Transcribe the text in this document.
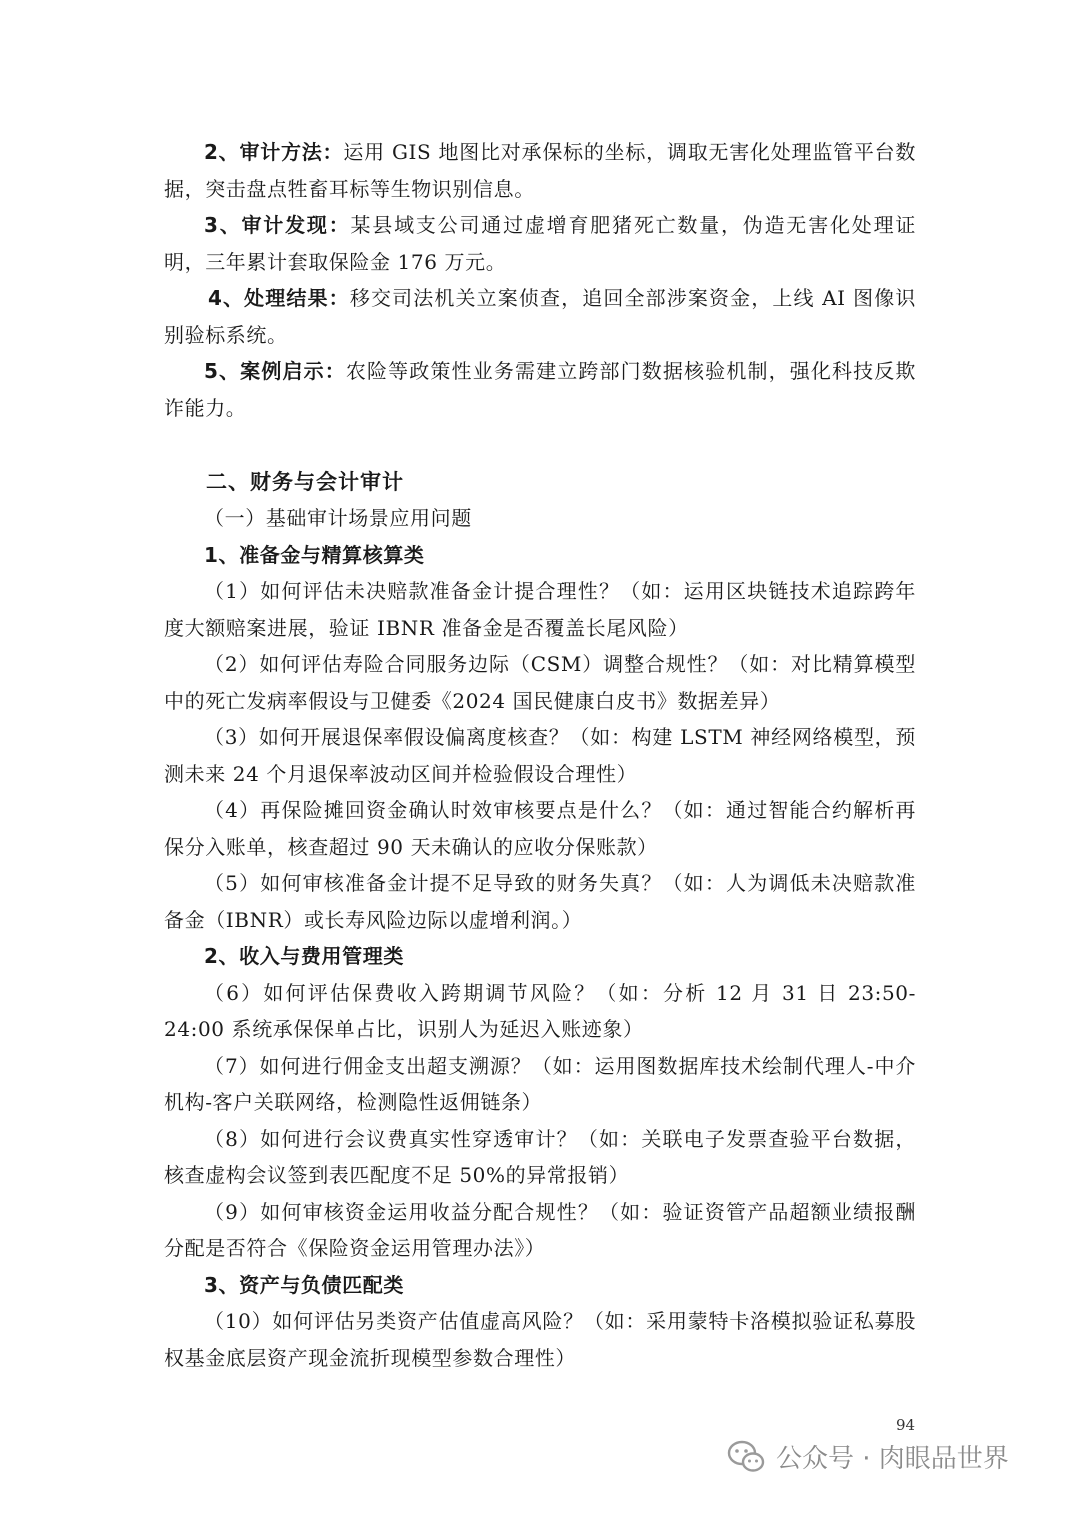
2、审计方法：运用 GIS 地图比对承保标的坐标，调取无害化处理监管平台数据，突击盘点牲畜耳标等生物识别信息。

3、审计发现：某县域支公司通过虚增育肥猪死亡数量，伪造无害化处理证明，三年累计套取保险金 176 万元。

4、处理结果：移交司法机关立案侦查，追回全部涉案资金，上线 AI 图像识别验标系统。

5、案例启示：农险等政策性业务需建立跨部门数据核验机制，强化科技反欺诈能力。

二、财务与会计审计

（一）基础审计场景应用问题

1、准备金与精算核算类

（1）如何评估未决赔款准备金计提合理性？（如：运用区块链技术追踪跨年度大额赔案进展，验证 IBNR 准备金是否覆盖长尾风险）

（2）如何评估寿险合同服务边际（CSM）调整合规性？（如：对比精算模型中的死亡发病率假设与卫健委《2024 国民健康白皮书》数据差异）

（3）如何开展退保率假设偏离度核查？（如：构建 LSTM 神经网络模型，预测未来 24 个月退保率波动区间并检验假设合理性）

（4）再保险摊回资金确认时效审核要点是什么？（如：通过智能合约解析再保分入账单，核查超过 90 天未确认的应收分保账款）

（5）如何审核准备金计提不足导致的财务失真？（如：人为调低未决赔款准备金（IBNR）或长寿风险边际以虚增利润。）

2、收入与费用管理类

（6）如何评估保费收入跨期调节风险？（如：分析 12 月 31 日 23:50-24:00 系统承保保单占比，识别人为延迟入账迹象）

（7）如何进行佣金支出超支溯源？（如：运用图数据库技术绘制代理人-中介机构-客户关联网络，检测隐性返佣链条）

（8）如何进行会议费真实性穿透审计？（如：关联电子发票查验平台数据，核查虚构会议签到表匹配度不足 50%的异常报销）

（9）如何审核资金运用收益分配合规性？（如：验证资管产品超额业绩报酬分配是否符合《保险资金运用管理办法》）

3、资产与负债匹配类

（10）如何评估另类资产估值虚高风险？（如：采用蒙特卡洛模拟验证私募股权基金底层资产现金流折现模型参数合理性）

94
公众号 · 肉眼品世界
